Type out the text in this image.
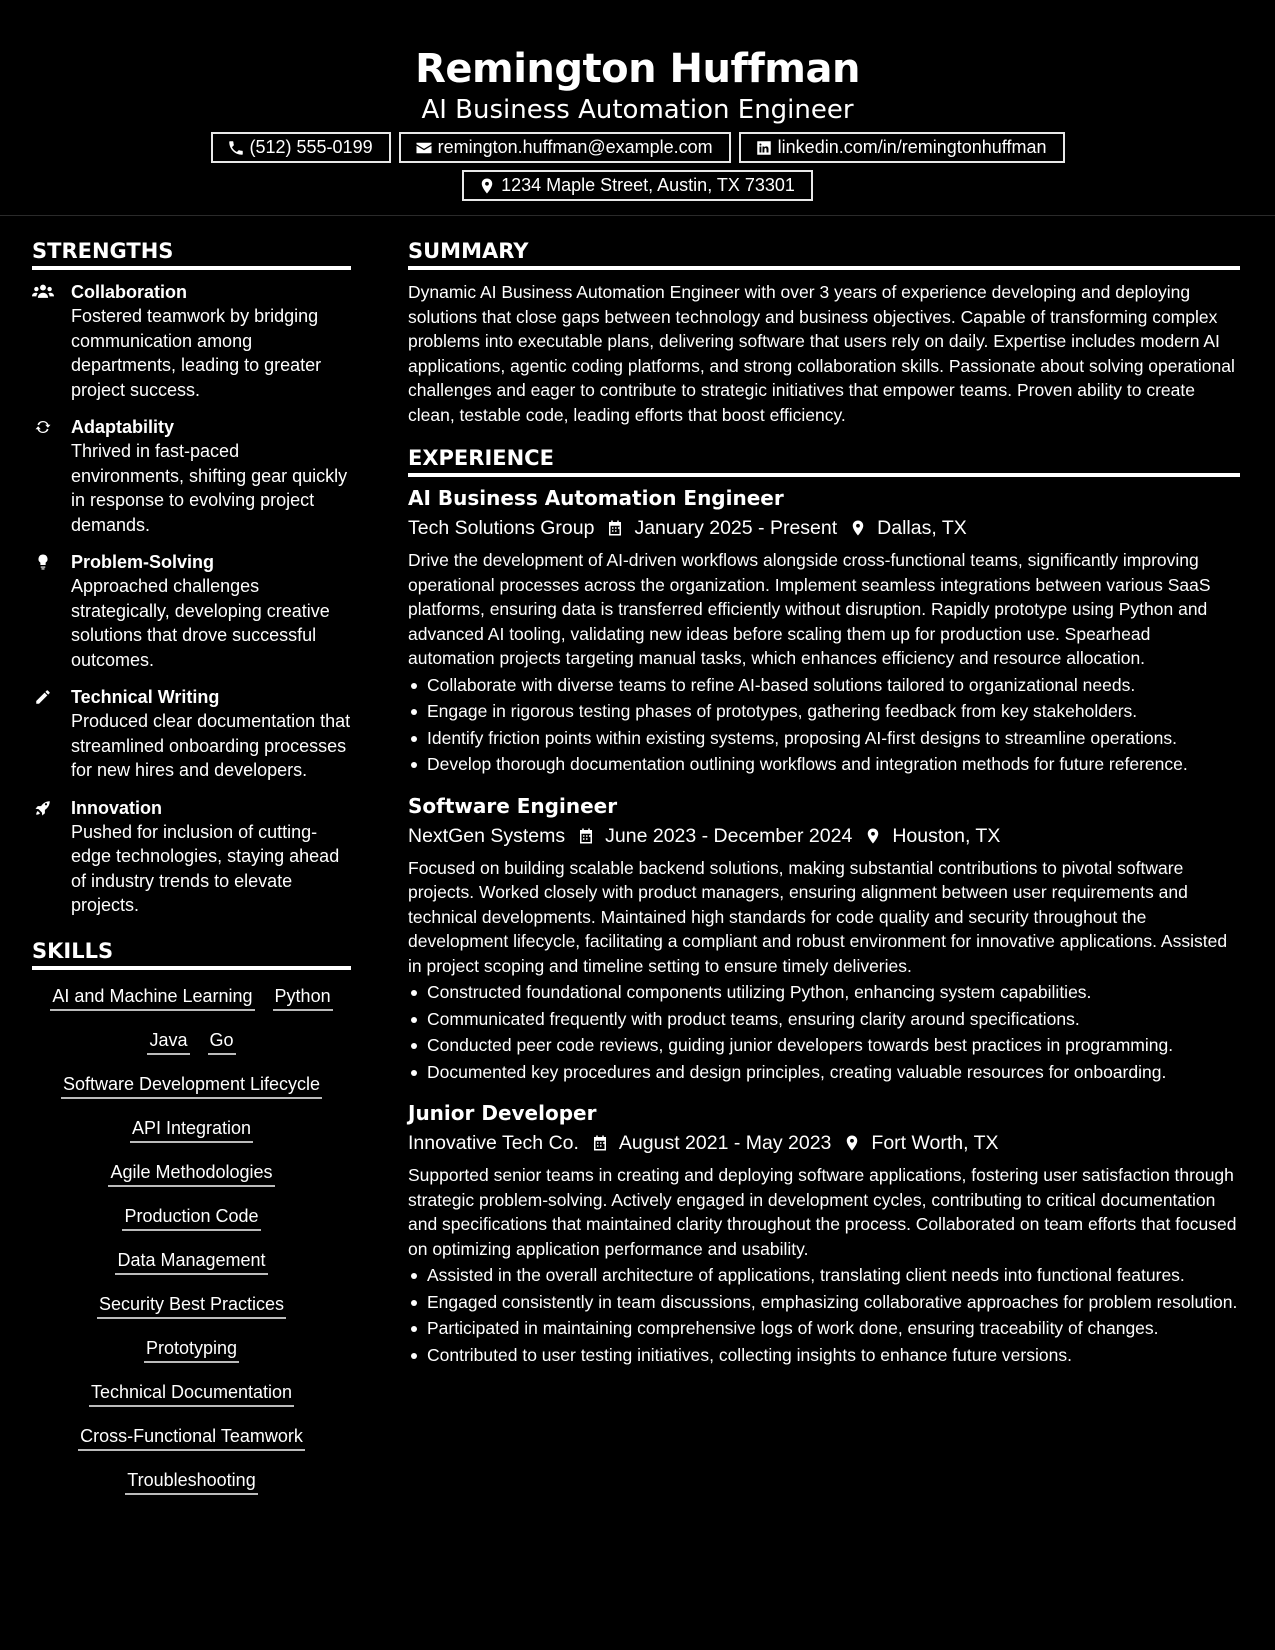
Remington Huffman
AI Business Automation Engineer
(512) 555-0199	remington.huffman@example.com	linkedin.com/in/remingtonhuffman
1234 Maple Street, Austin, TX 73301
STRENGTHS
Collaboration
Fostered teamwork by bridging communication among departments, leading to greater project success.
Adaptability
Thrived in fast-paced environments, shifting gear quickly in response to evolving project demands.
Problem-Solving
Approached challenges strategically, developing creative solutions that drove successful outcomes.
Technical Writing
Produced clear documentation that streamlined onboarding processes for new hires and developers.
Innovation
Pushed for inclusion of cutting-edge technologies, staying ahead of industry trends to elevate projects.
SKILLS
AI and Machine Learning Python
Java Go
Software Development Lifecycle
API Integration
Agile Methodologies
Production Code
Data Management
Security Best Practices
Prototyping
Technical Documentation
Cross-Functional Teamwork
Troubleshooting
SUMMARY
Dynamic AI Business Automation Engineer with over 3 years of experience developing and deploying solutions that close gaps between technology and business objectives. Capable of transforming complex problems into executable plans, delivering software that users rely on daily. Expertise includes modern AI applications, agentic coding platforms, and strong collaboration skills. Passionate about solving operational challenges and eager to contribute to strategic initiatives that empower teams. Proven ability to create clean, testable code, leading efforts that boost efficiency.
EXPERIENCE
AI Business Automation Engineer
Tech Solutions Group January 2025 - Present Dallas, TX
Drive the development of AI-driven workflows alongside cross-functional teams, significantly improving operational processes across the organization. Implement seamless integrations between various SaaS platforms, ensuring data is transferred efficiently without disruption. Rapidly prototype using Python and advanced AI tooling, validating new ideas before scaling them up for production use. Spearhead automation projects targeting manual tasks, which enhances efficiency and resource allocation.
Collaborate with diverse teams to refine AI-based solutions tailored to organizational needs.
Engage in rigorous testing phases of prototypes, gathering feedback from key stakeholders.
Identify friction points within existing systems, proposing AI-first designs to streamline operations.
Develop thorough documentation outlining workflows and integration methods for future reference.
Software Engineer
NextGen Systems June 2023 - December 2024 Houston, TX
Focused on building scalable backend solutions, making substantial contributions to pivotal software projects. Worked closely with product managers, ensuring alignment between user requirements and technical developments. Maintained high standards for code quality and security throughout the development lifecycle, facilitating a compliant and robust environment for innovative applications. Assisted in project scoping and timeline setting to ensure timely deliveries.
Constructed foundational components utilizing Python, enhancing system capabilities.
Communicated frequently with product teams, ensuring clarity around specifications.
Conducted peer code reviews, guiding junior developers towards best practices in programming.
Documented key procedures and design principles, creating valuable resources for onboarding.
Junior Developer
Innovative Tech Co. August 2021 - May 2023 Fort Worth, TX
Supported senior teams in creating and deploying software applications, fostering user satisfaction through strategic problem-solving. Actively engaged in development cycles, contributing to critical documentation and specifications that maintained clarity throughout the process. Collaborated on team efforts that focused on optimizing application performance and usability.
Assisted in the overall architecture of applications, translating client needs into functional features.
Engaged consistently in team discussions, emphasizing collaborative approaches for problem resolution.
Participated in maintaining comprehensive logs of work done, ensuring traceability of changes.
Contributed to user testing initiatives, collecting insights to enhance future versions.
